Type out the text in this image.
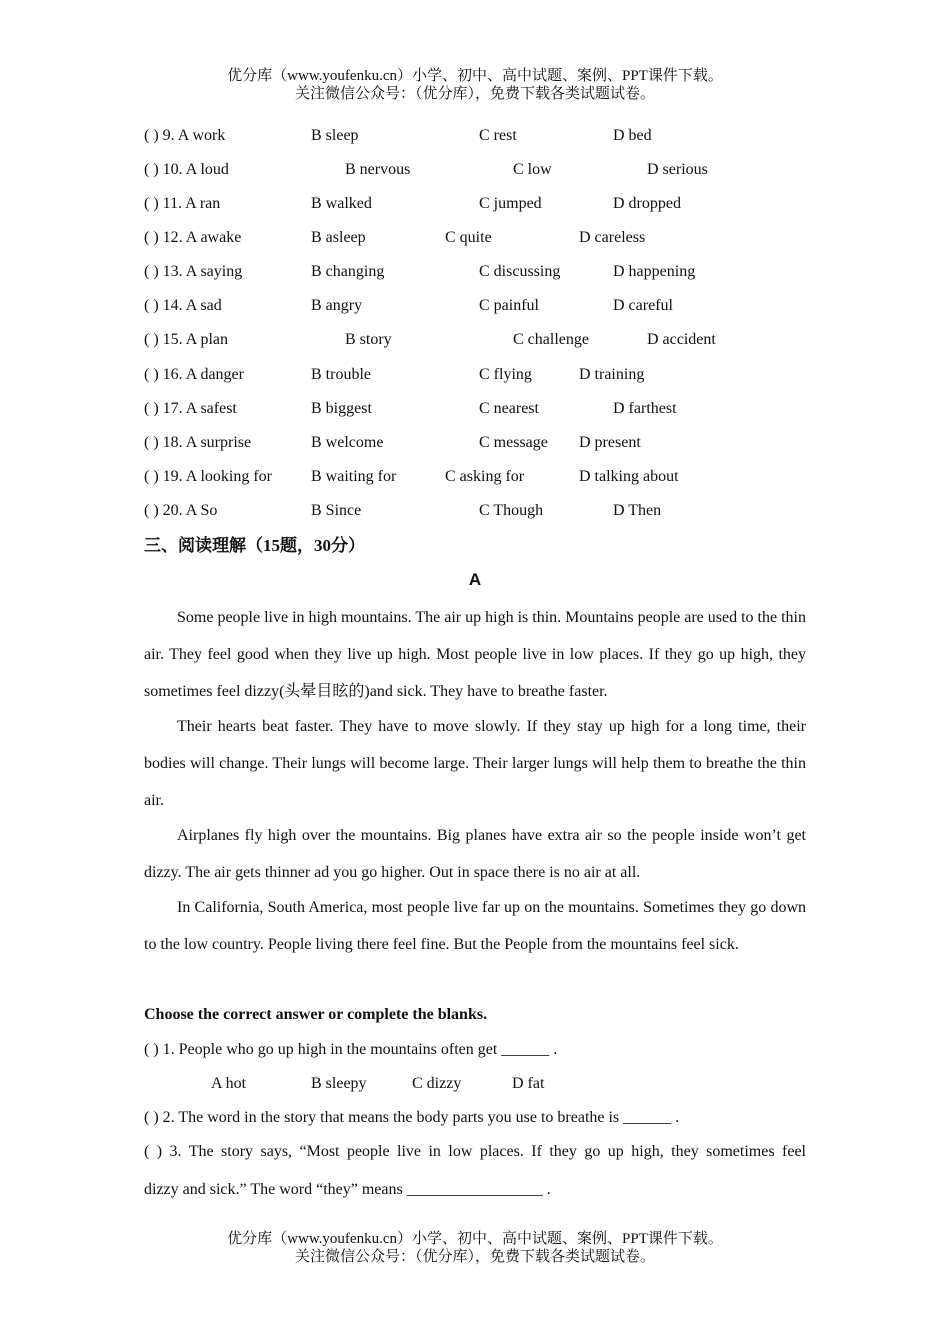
优分库（www.youfenku.cn）小学、初中、高中试题、案例、PPT课件下载。
关注微信公众号：（优分库），免费下载各类试题试卷。
( ) 9. A work	B sleep	C rest	D bed
( ) 10. A loud	B nervous	C low	D serious
( ) 11. A ran	B walked	C jumped	D dropped
( ) 12. A awake	B asleep	C quite	D careless
( ) 13. A saying	B changing	C discussing	D happening
( ) 14. A sad	B angry	C painful	D careful
( ) 15. A plan	B story	C challenge	D accident
( ) 16. A danger	B trouble	C flying	D training
( ) 17. A safest	B biggest	C nearest	D farthest
( ) 18. A surprise	B welcome	C message D present
( ) 19. A looking for B waiting for	C asking for	D talking about
( ) 20. A So	B Since	C Though	D Then
三、阅读理解（15题，30分）
A
Some people live in high mountains. The air up high is thin. Mountains people are used to the thin air. They feel good when they live up high. Most people live in low places. If they go up high, they sometimes feel dizzy(头晕目眩的)and sick. They have to breathe faster.
Their hearts beat faster. They have to move slowly. If they stay up high for a long time, their bodies will change. Their lungs will become large. Their larger lungs will help them to breathe the thin air.
Airplanes fly high over the mountains. Big planes have extra air so the people inside won’t get dizzy. The air gets thinner ad you go higher. Out in space there is no air at all.
In California, South America, most people live far up on the mountains. Sometimes they go down to the low country. People living there feel fine. But the People from the mountains feel sick.
Choose the correct answer or complete the blanks.
( ) 1. People who go up high in the mountains often get ______ .
A hot	B sleepy	C dizzy	D fat
( ) 2. The word in the story that means the body parts you use to breathe is ______ .
( ) 3. The story says, “Most people live in low places. If they go up high, they sometimes feel
dizzy and sick.” The word “they” means _________________ .
优分库（www.youfenku.cn）小学、初中、高中试题、案例、PPT课件下载。
关注微信公众号：（优分库），免费下载各类试题试卷。
